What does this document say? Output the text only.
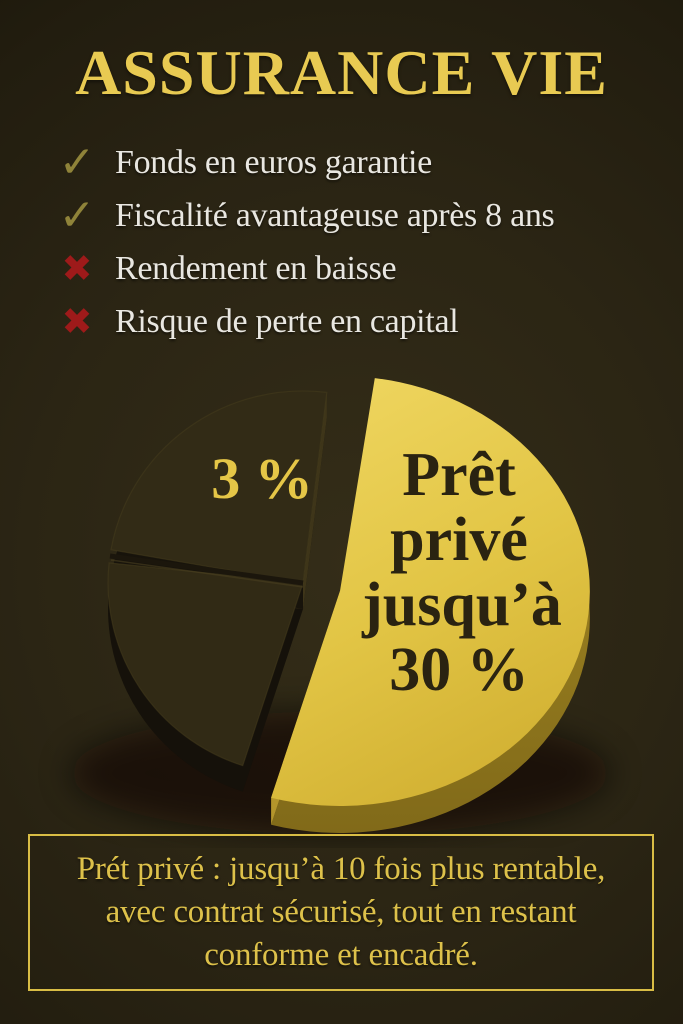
ASSURANCE VIE
✓ Fonds en euros garantie
✓ Fiscalité avantageuse après 8 ans
✖ Rendement en baisse
✖ Risque de perte en capital
3 % Prêt
privé
jusqu’à
30 %
Prét privé : jusqu’à 10 fois plus rentable,
avec contrat sécurisé, tout en restant
conforme et encadré.
